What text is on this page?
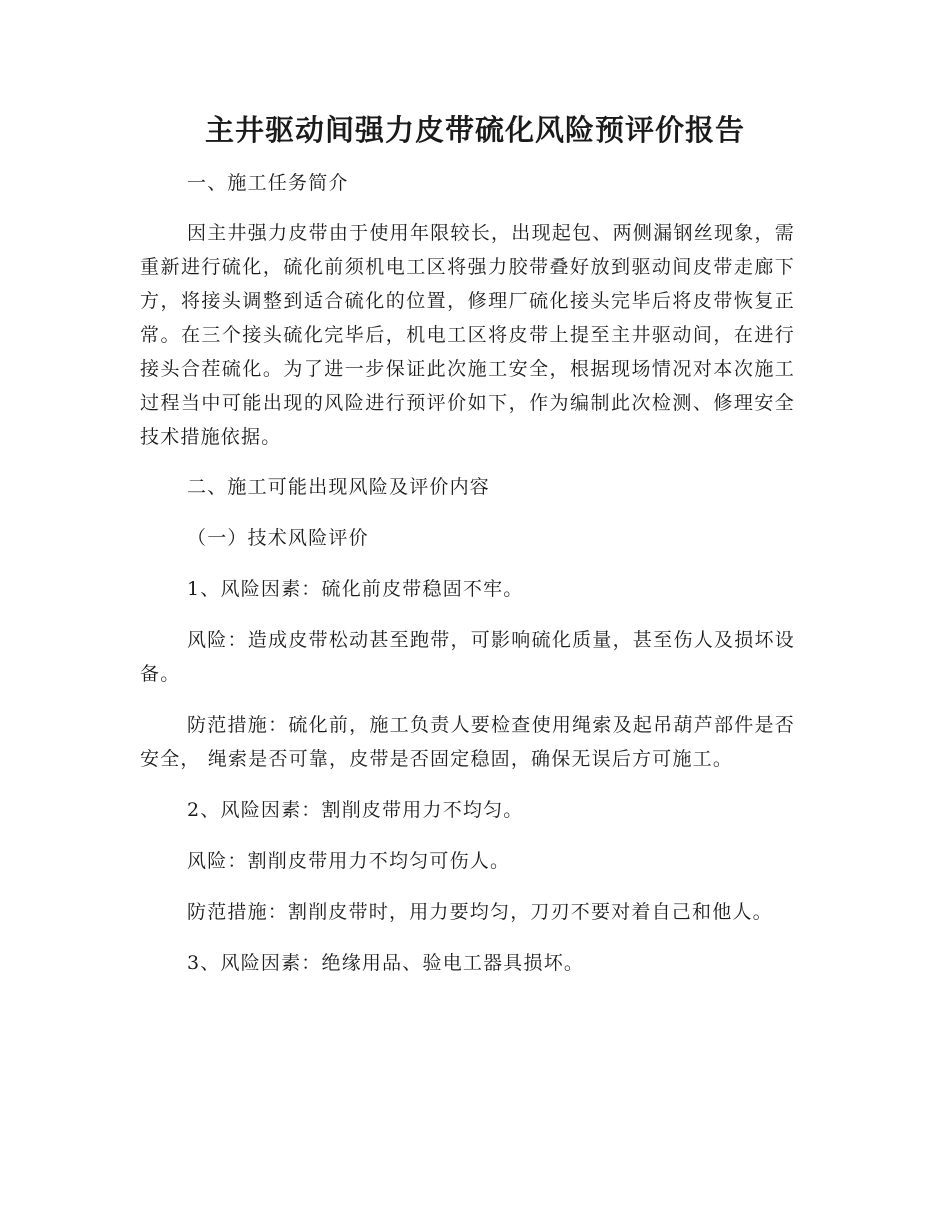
主井驱动间强力皮带硫化风险预评价报告

一、施工任务简介

因主井强力皮带由于使用年限较长，出现起包、两侧漏钢丝现象，需重新进行硫化，硫化前须机电工区将强力胶带叠好放到驱动间皮带走廊下方，将接头调整到适合硫化的位置，修理厂硫化接头完毕后将皮带恢复正常。在三个接头硫化完毕后，机电工区将皮带上提至主井驱动间，在进行接头合茬硫化。为了进一步保证此次施工安全，根据现场情况对本次施工过程当中可能出现的风险进行预评价如下，作为编制此次检测、修理安全技术措施依据。

二、施工可能出现风险及评价内容

（一）技术风险评价

1、风险因素：硫化前皮带稳固不牢。

风险：造成皮带松动甚至跑带，可影响硫化质量，甚至伤人及损坏设备。

防范措施：硫化前，施工负责人要检查使用绳索及起吊葫芦部件是否安全， 绳索是否可靠，皮带是否固定稳固，确保无误后方可施工。

2、风险因素：割削皮带用力不均匀。

风险：割削皮带用力不均匀可伤人。

防范措施：割削皮带时，用力要均匀，刀刃不要对着自己和他人。

3、风险因素：绝缘用品、验电工器具损坏。
